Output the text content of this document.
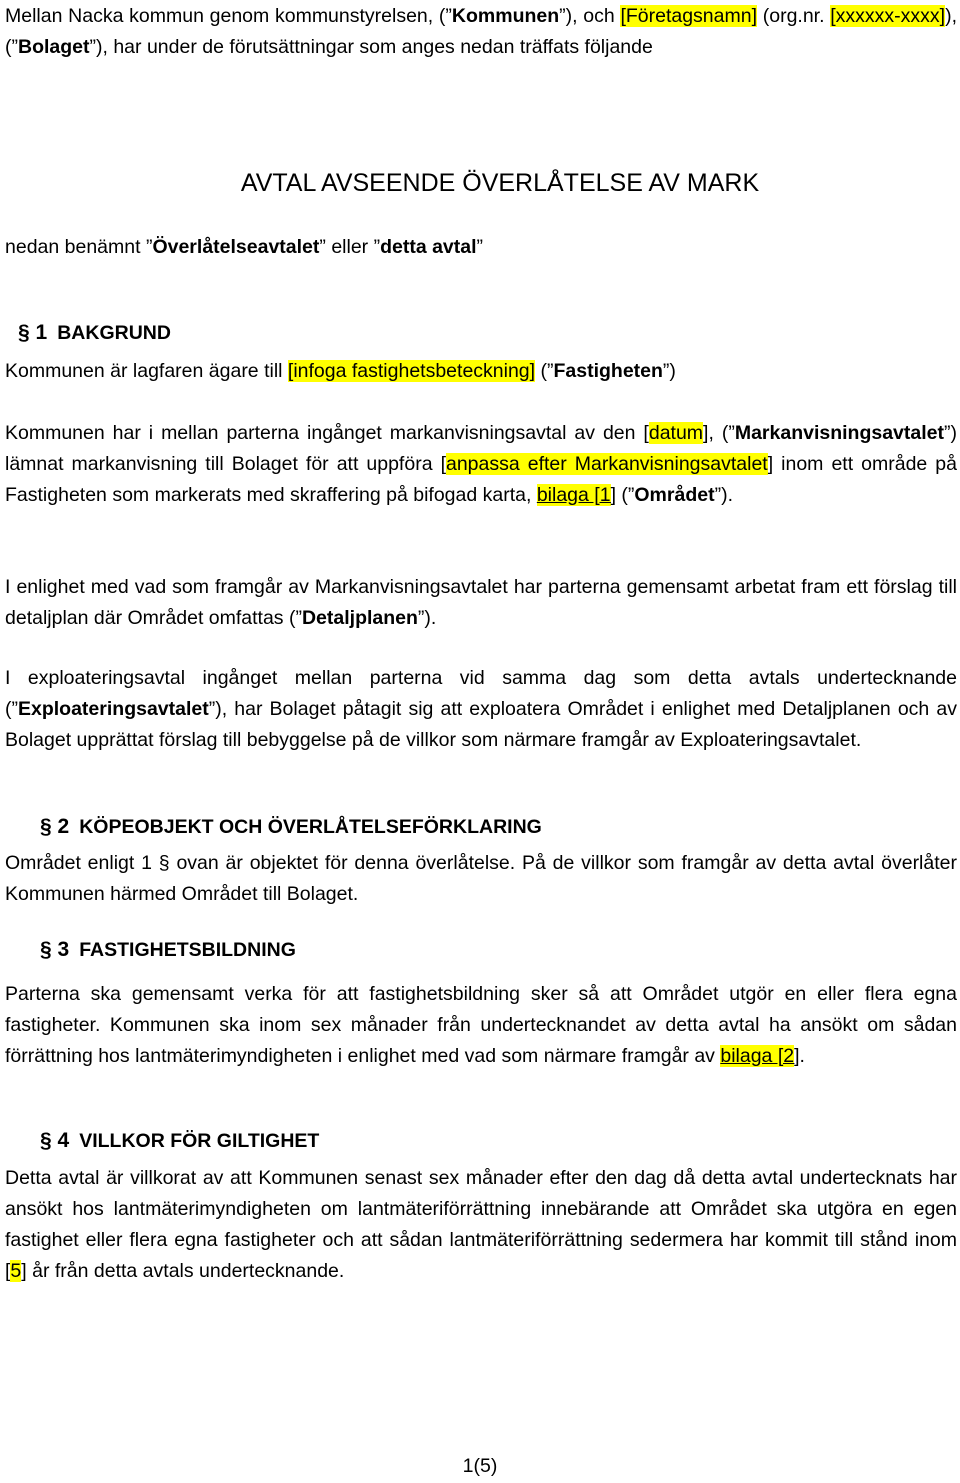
Mellan Nacka kommun genom kommunstyrelsen, (”Kommunen”), och [Företagsnamn] (org.nr. [xxxxxx-xxxx]), (”Bolaget”), har under de förutsättningar som anges nedan träffats följande

AVTAL AVSEENDE ÖVERLÅTELSE AV MARK
nedan benämnt ”Överlåtelseavtalet” eller ”detta avtal”
§ 1 BAKGRUND

Kommunen är lagfaren ägare till [infoga fastighetsbeteckning] (”Fastigheten”)

Kommunen har i mellan parterna ingånget markanvisningsavtal av den [datum], (”Markanvisningsavtalet”) lämnat markanvisning till Bolaget för att uppföra [anpassa efter Markanvisningsavtalet] inom ett område på Fastigheten som markerats med skraffering på bifogad karta, bilaga [1] (”Området”).

I enlighet med vad som framgår av Markanvisningsavtalet har parterna gemensamt arbetat fram ett förslag till detaljplan där Området omfattas (”Detaljplanen”).

I exploateringsavtal ingånget mellan parterna vid samma dag som detta avtals undertecknande (”Exploateringsavtalet”), har Bolaget påtagit sig att exploatera Området i enlighet med Detaljplanen och av Bolaget upprättat förslag till bebyggelse på de villkor som närmare framgår av Exploateringsavtalet.

§ 2 KÖPEOBJEKT OCH ÖVERLÅTELSEFÖRKLARING

Området enligt 1 § ovan är objektet för denna överlåtelse. På de villkor som framgår av detta avtal överlåter Kommunen härmed Området till Bolaget.

§ 3 FASTIGHETSBILDNING

Parterna ska gemensamt verka för att fastighetsbildning sker så att Området utgör en eller flera egna fastigheter. Kommunen ska inom sex månader från undertecknandet av detta avtal ha ansökt om sådan förrättning hos lantmäterimyndigheten i enlighet med vad som närmare framgår av bilaga [2].

§ 4 VILLKOR FÖR GILTIGHET

Detta avtal är villkorat av att Kommunen senast sex månader efter den dag då detta avtal undertecknats har ansökt hos lantmäterimyndigheten om lantmäteriförrättning innebärande att Området ska utgöra en egen fastighet eller flera egna fastigheter och att sådan lantmäteriförrättning sedermera har kommit till stånd inom [5] år från detta avtals undertecknande.

1(5)
